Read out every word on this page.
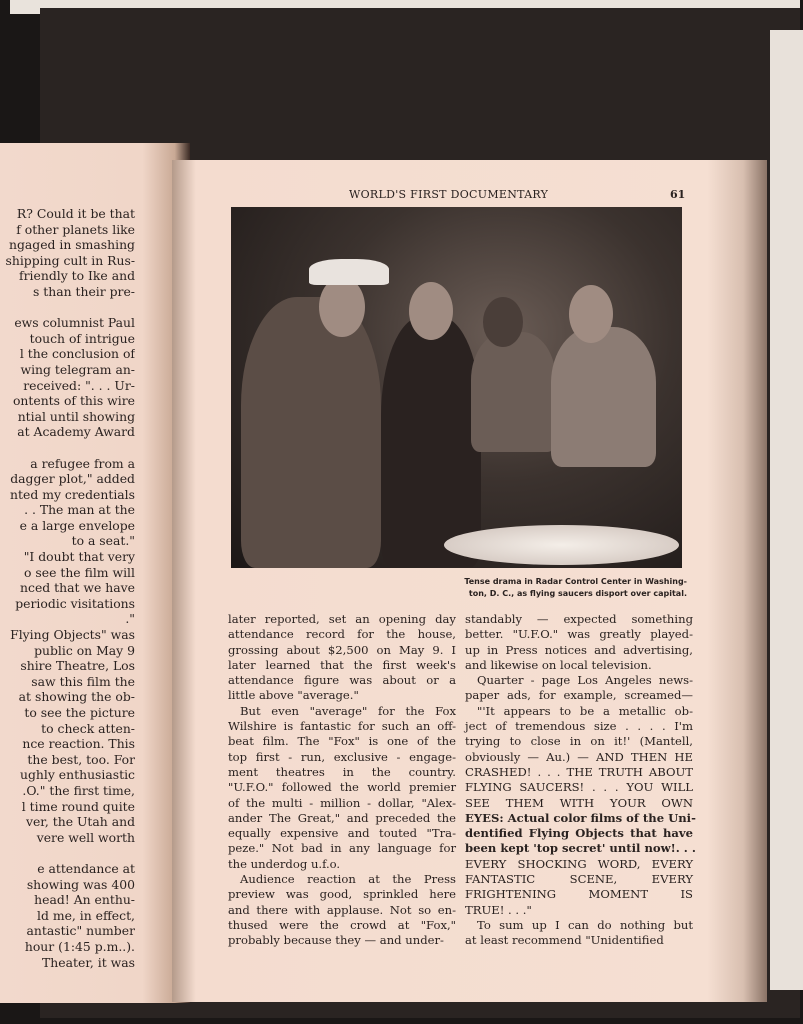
R? Could it be that
f other planets like
ngaged in smashing
shipping cult in Rus-
friendly to Ike and
s than their pre-
ews columnist Paul
touch of intrigue
l the conclusion of
wing telegram an-
received: ". . . Ur-
ontents of this wire
ntial until showing
at Academy Award
a refugee from a
dagger plot," added
nted my credentials
. . The man at the
e a large envelope
to a seat."
"I doubt that very
o see the film will
nced that we have
periodic visitations
."
Flying Objects" was
public on May 9
shire Theatre, Los
saw this film the
at showing the ob-
to see the picture
to check atten-
nce reaction. This
the best, too. For
ughly enthusiastic
.O." the first time,
l time round quite
ver, the Utah and
vere well worth
e attendance at
showing was 400
head! An enthu-
ld me, in effect,
antastic" number
hour (1:45 p.m..).
Theater, it was
WORLD'S FIRST DOCUMENTARY	61
Tense drama in Radar Control Center in Washing-
ton, D. C., as flying saucers disport over capital.
later reported, set an opening day
attendance record for the house,
grossing about $2,500 on May 9. I
later learned that the first week's
attendance figure was about or a
little above "average."
But even "average" for the Fox
Wilshire is fantastic for such an off-
beat film. The "Fox" is one of the
top first - run, exclusive - engage-
ment theatres in the country.
"U.F.O." followed the world premier
of the multi - million - dollar, "Alex-
ander The Great," and preceded the
equally expensive and touted "Tra-
peze." Not bad in any language for
the underdog u.f.o.
Audience reaction at the Press
preview was good, sprinkled here
and there with applause. Not so en-
thused were the crowd at "Fox,"
probably because they — and under-
standably — expected something
better. "U.F.O." was greatly played-
up in Press notices and advertising,
and likewise on local television.
Quarter - page Los Angeles news-
paper ads, for example, screamed—
"'It appears to be a metallic ob-
ject of tremendous size . . . . I'm
trying to close in on it!' (Mantell,
obviously — Au.) — AND THEN HE
CRASHED! . . . THE TRUTH ABOUT
FLYING SAUCERS! . . . YOU WILL
SEE THEM WITH YOUR OWN
EYES: Actual color films of the Uni-
dentified Flying Objects that have
been kept 'top secret' until now!. . .
EVERY SHOCKING WORD, EVERY
FANTASTIC SCENE, EVERY
FRIGHTENING MOMENT IS
TRUE! . . ."
To sum up I can do nothing but
at least recommend "Unidentified
